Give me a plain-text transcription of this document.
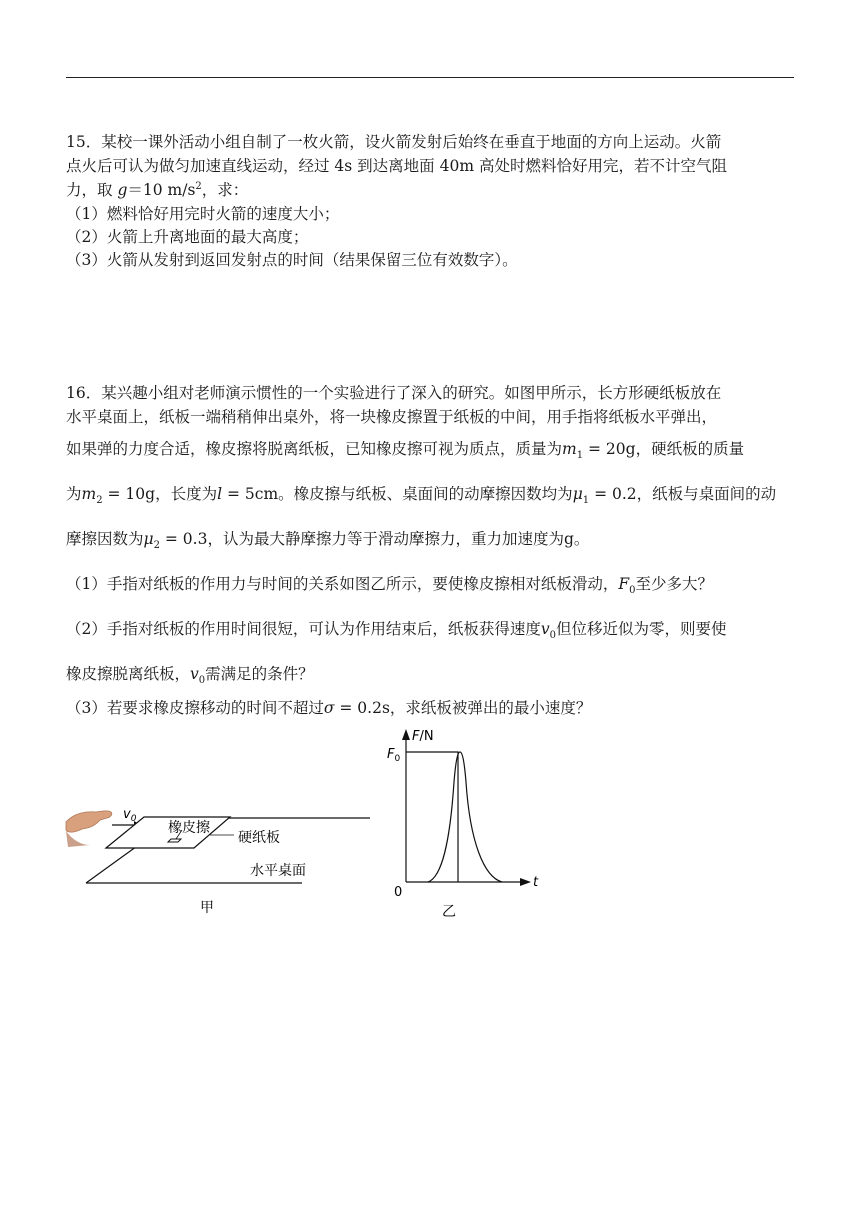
15．某校一课外活动小组自制了一枚火箭，设火箭发射后始终在垂直于地面的方向上运动。火箭
点火后可认为做匀加速直线运动，经过 4s 到达离地面 40m 高处时燃料恰好用完，若不计空气阻
力，取 g＝10 $m/s^2$，求：
（1）燃料恰好用完时火箭的速度大小；
（2）火箭上升离地面的最大高度；
（3）火箭从发射到返回发射点的时间（结果保留三位有效数字）。
16．某兴趣小组对老师演示惯性的一个实验进行了深入的研究。如图甲所示，长方形硬纸板放在
水平桌面上，纸板一端稍稍伸出桌外，将一块橡皮擦置于纸板的中间，用手指将纸板水平弹出，
如果弹的力度合适，橡皮擦将脱离纸板，已知橡皮擦可视为质点，质量为$m_1 = 20g$，硬纸板的质量
为$m_2 = 10g$，长度为l = 5cm。橡皮擦与纸板、桌面间的动摩擦因数均为$\mu_1 = 0.2$，纸板与桌面间的动
摩擦因数为$\mu_2 = 0.3$，认为最大静摩擦力等于滑动摩擦力，重力加速度为g。
（1）手指对纸板的作用力与时间的关系如图乙所示，要使橡皮擦相对纸板滑动，$F_0$至少多大？
（2）手指对纸板的作用时间很短，可认为作用结束后，纸板获得速度$v_0$但位移近似为零，则要使
橡皮擦脱离纸板，$v_0$需满足的条件？
（3）若要求橡皮擦移动的时间不超过σ = 0.2s，求纸板被弹出的最小速度？
$v_0$
橡皮擦
硬纸板
水平桌面
甲
F/N
0
t
$F_0$
乙
